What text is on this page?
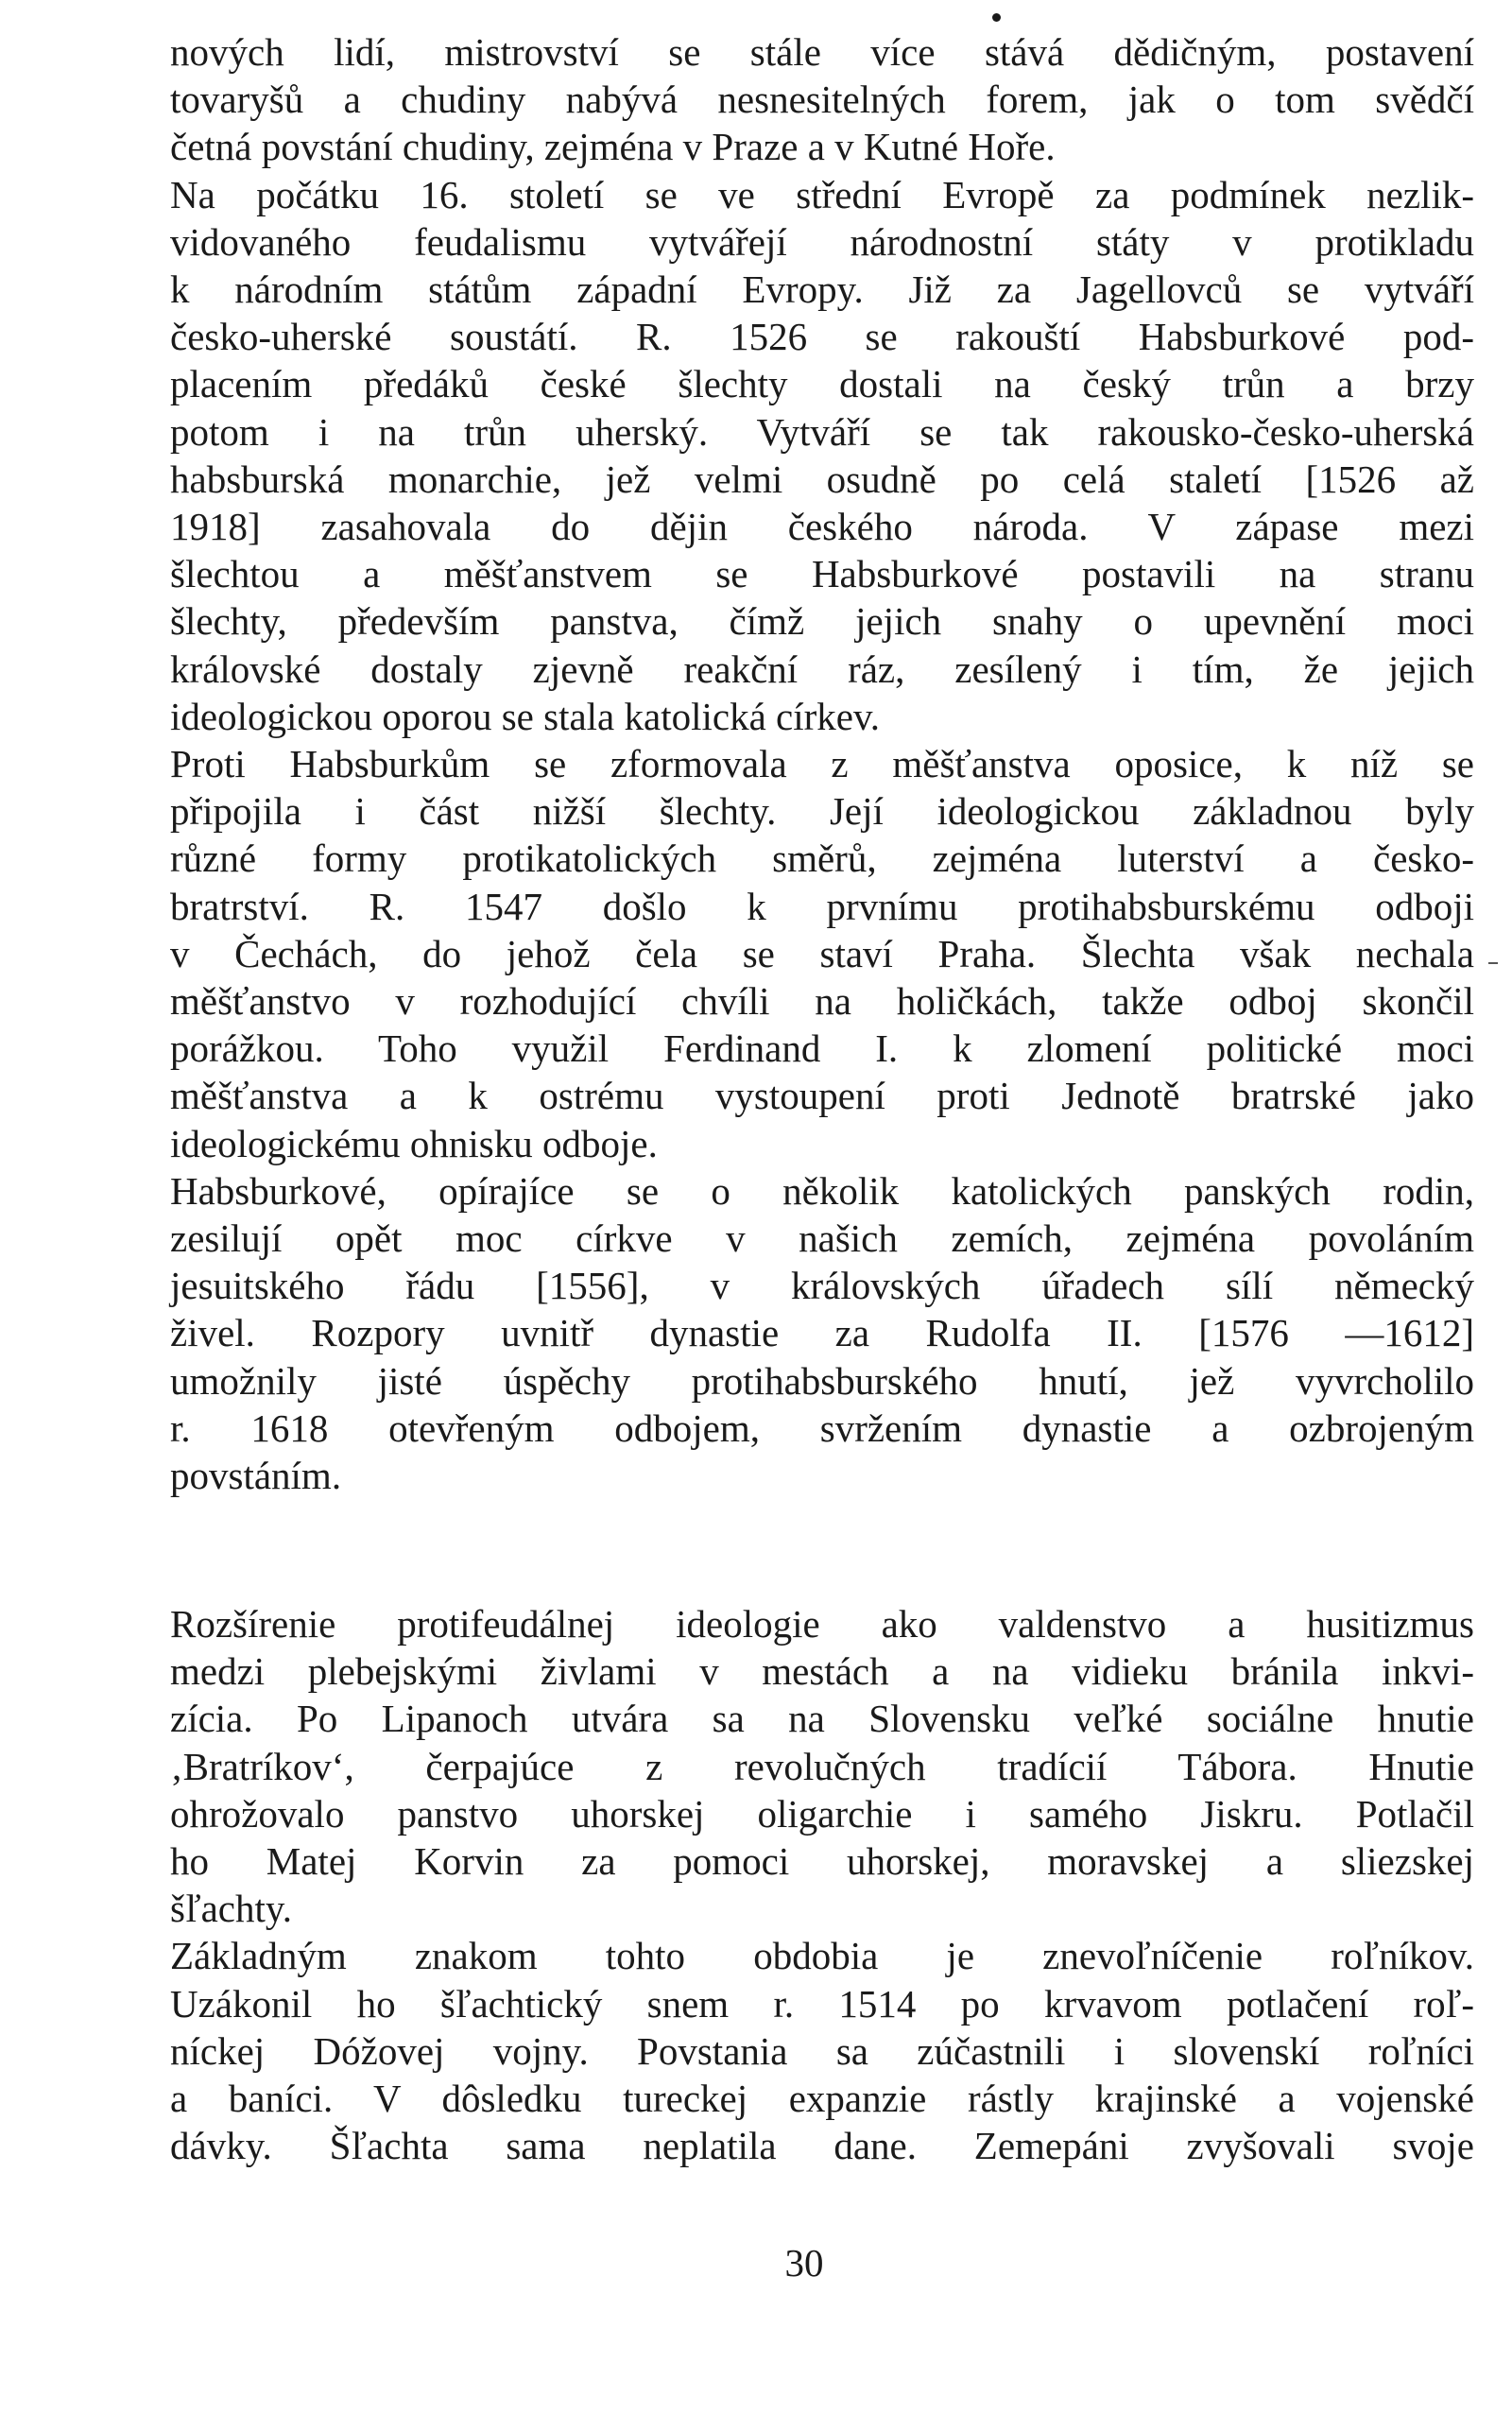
nových lidí, mistrovství se stále více stává dědičným, postavení
tovaryšů a chudiny nabývá nesnesitelných forem, jak o tom svědčí
četná povstání chudiny, zejména v Praze a v Kutné Hoře.
Na počátku 16. století se ve střední Evropě za podmínek nezlik-
vidovaného feudalismu vytvářejí národnostní státy v protikladu
k národním státům západní Evropy. Již za Jagellovců se vytváří
česko-uherské soustátí. R. 1526 se rakouští Habsburkové pod-
placením předáků české šlechty dostali na český trůn a brzy
potom i na trůn uherský. Vytváří se tak rakousko-česko-uherská
habsburská monarchie, jež velmi osudně po celá staletí [1526 až
1918] zasahovala do dějin českého národa. V zápase mezi
šlechtou a měšťanstvem se Habsburkové postavili na stranu
šlechty, především panstva, čímž jejich snahy o upevnění moci
královské dostaly zjevně reakční ráz, zesílený i tím, že jejich
ideologickou oporou se stala katolická církev.
Proti Habsburkům se zformovala z měšťanstva oposice, k níž se
připojila i část nižší šlechty. Její ideologickou základnou byly
různé formy protikatolických směrů, zejména luterství a česko-
bratrství. R. 1547 došlo k prvnímu protihabsburskému odboji
v Čechách, do jehož čela se staví Praha. Šlechta však nechala
měšťanstvo v rozhodující chvíli na holičkách, takže odboj skončil
porážkou. Toho využil Ferdinand I. k zlomení politické moci
měšťanstva a k ostrému vystoupení proti Jednotě bratrské jako
ideologickému ohnisku odboje.
Habsburkové, opírajíce se o několik katolických panských rodin,
zesilují opět moc církve v našich zemích, zejména povoláním
jesuitského řádu [1556], v královských úřadech sílí německý
živel. Rozpory uvnitř dynastie za Rudolfa II. [1576 —1612]
umožnily jisté úspěchy protihabsburského hnutí, jež vyvrcholilo
r. 1618 otevřeným odbojem, svržením dynastie a ozbrojeným
povstáním.
Rozšírenie protifeudálnej ideologie ako valdenstvo a husitizmus
medzi plebejskými živlami v mestách a na vidieku bránila inkvi-
zícia. Po Lipanoch utvára sa na Slovensku veľké sociálne hnutie
‚Bratríkov‘, čerpajúce z revolučných tradícií Tábora. Hnutie
ohrožovalo panstvo uhorskej oligarchie i samého Jiskru. Potlačil
ho Matej Korvin za pomoci uhorskej, moravskej a sliezskej
šľachty.
Základným znakom tohto obdobia je znevoľníčenie roľníkov.
Uzákonil ho šľachtický snem r. 1514 po krvavom potlačení roľ-
níckej Dóžovej vojny. Povstania sa zúčastnili i slovenskí roľníci
a baníci. V dôsledku tureckej expanzie rástly krajinské a vojenské
dávky. Šľachta sama neplatila dane. Zemepáni zvyšovali svoje
30
